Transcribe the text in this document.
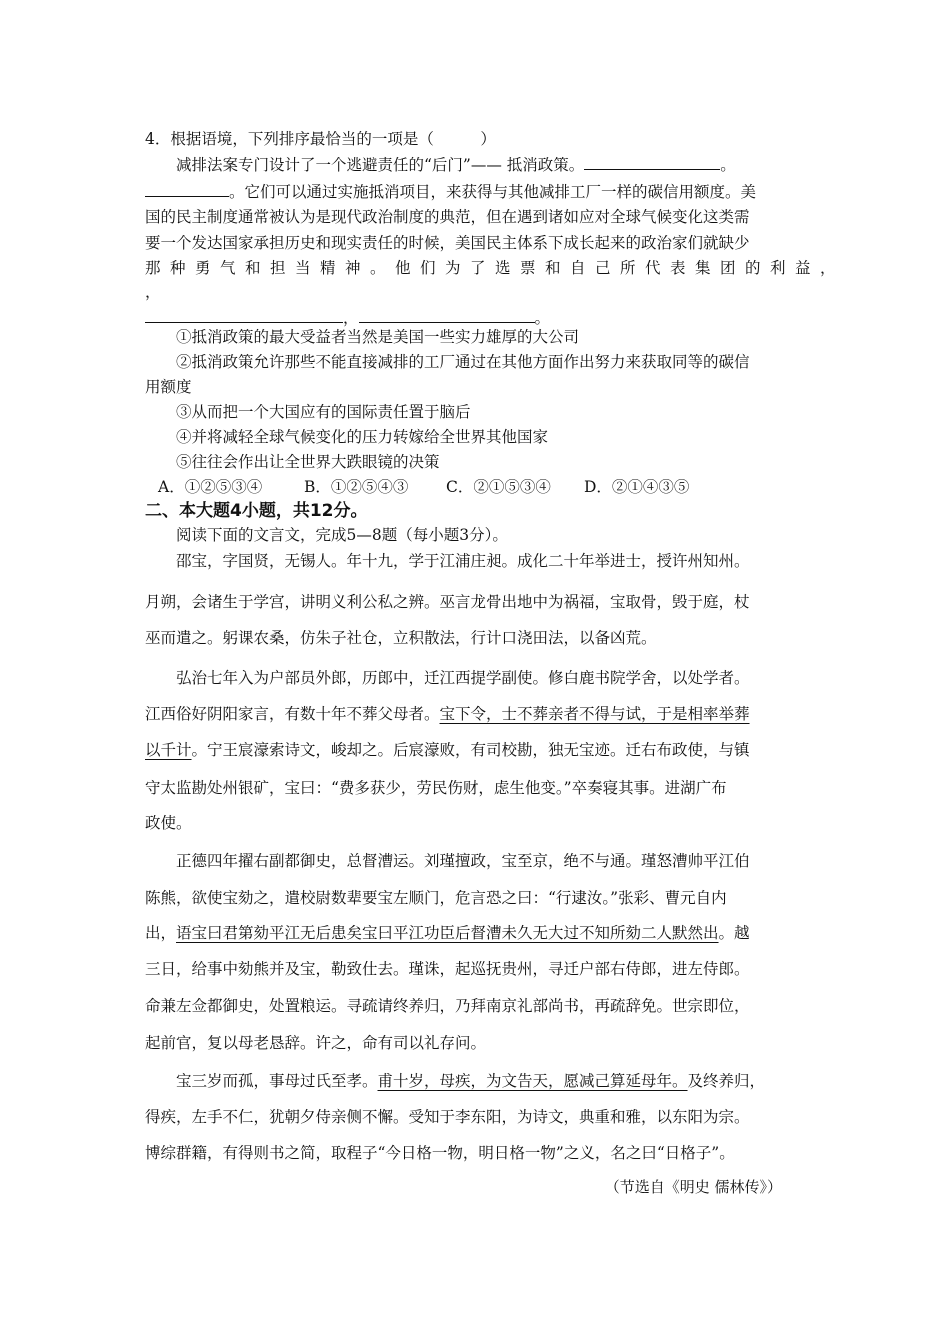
4．根据语境，下列排序最恰当的一项是（　　　）
减排法案专门设计了一个逃避责任的“后门”—— 抵消政策。	。
。它们可以通过实施抵消项目，来获得与其他减排工厂一样的碳信用额度。美
国的民主制度通常被认为是现代政治制度的典范，但在遇到诸如应对全球气候变化这类需
要一个发达国家承担历史和现实责任的时候，美国民主体系下成长起来的政治家们就缺少
那种勇气和担当精神。他们为了选票和自己所代表集团的利益，
，
，	。
①抵消政策的最大受益者当然是美国一些实力雄厚的大公司
②抵消政策允许那些不能直接减排的工厂通过在其他方面作出努力来获取同等的碳信
用额度
③从而把一个大国应有的国际责任置于脑后
④并将减轻全球气候变化的压力转嫁给全世界其他国家
⑤往往会作出让全世界大跌眼镜的决策
A．①②⑤③④	B．①②⑤④③ C．②①⑤③④ D．②①④③⑤
二、本大题4小题，共12分。
阅读下面的文言文，完成5—8题（每小题3分）。
邵宝，字国贤，无锡人。年十九，学于江浦庄昶。成化二十年举进士，授许州知州。
月朔，会诸生于学宫，讲明义利公私之辨。巫言龙骨出地中为祸福，宝取骨，毁于庭，杖
巫而遣之。躬课农桑，仿朱子社仓，立积散法，行计口浇田法，以备凶荒。
弘治七年入为户部员外郎，历郎中，迁江西提学副使。修白鹿书院学舍，以处学者。
江西俗好阴阳家言，有数十年不葬父母者。宝下令，士不葬亲者不得与试，于是相率举葬
以千计。宁王宸濠索诗文，峻却之。后宸濠败，有司校勘，独无宝迹。迁右布政使，与镇
守太监勘处州银矿，宝曰：“费多获少，劳民伤财，虑生他变。”卒奏寝其事。进湖广布
政使。
正德四年擢右副都御史，总督漕运。刘瑾擅政，宝至京，绝不与通。瑾怒漕帅平江伯
陈熊，欲使宝劾之，遣校尉数辈要宝左顺门，危言恐之曰：“行逮汝。”张彩、曹元自内
出，语宝曰君第劾平江无后患矣宝曰平江功臣后督漕未久无大过不知所劾二人默然出。越
三日，给事中劾熊并及宝，勒致仕去。瑾诛，起巡抚贵州，寻迁户部右侍郎，进左侍郎。
命兼左佥都御史，处置粮运。寻疏请终养归，乃拜南京礼部尚书，再疏辞免。世宗即位，
起前官，复以母老恳辞。许之，命有司以礼存问。
宝三岁而孤，事母过氏至孝。甫十岁，母疾，为文告天，愿减己算延母年。及终养归，
得疾，左手不仁，犹朝夕侍亲侧不懈。受知于李东阳，为诗文，典重和雅，以东阳为宗。
博综群籍，有得则书之简，取程子“今日格一物，明日格一物”之义，名之曰“日格子”。
（节选自《明史 儒林传》）
